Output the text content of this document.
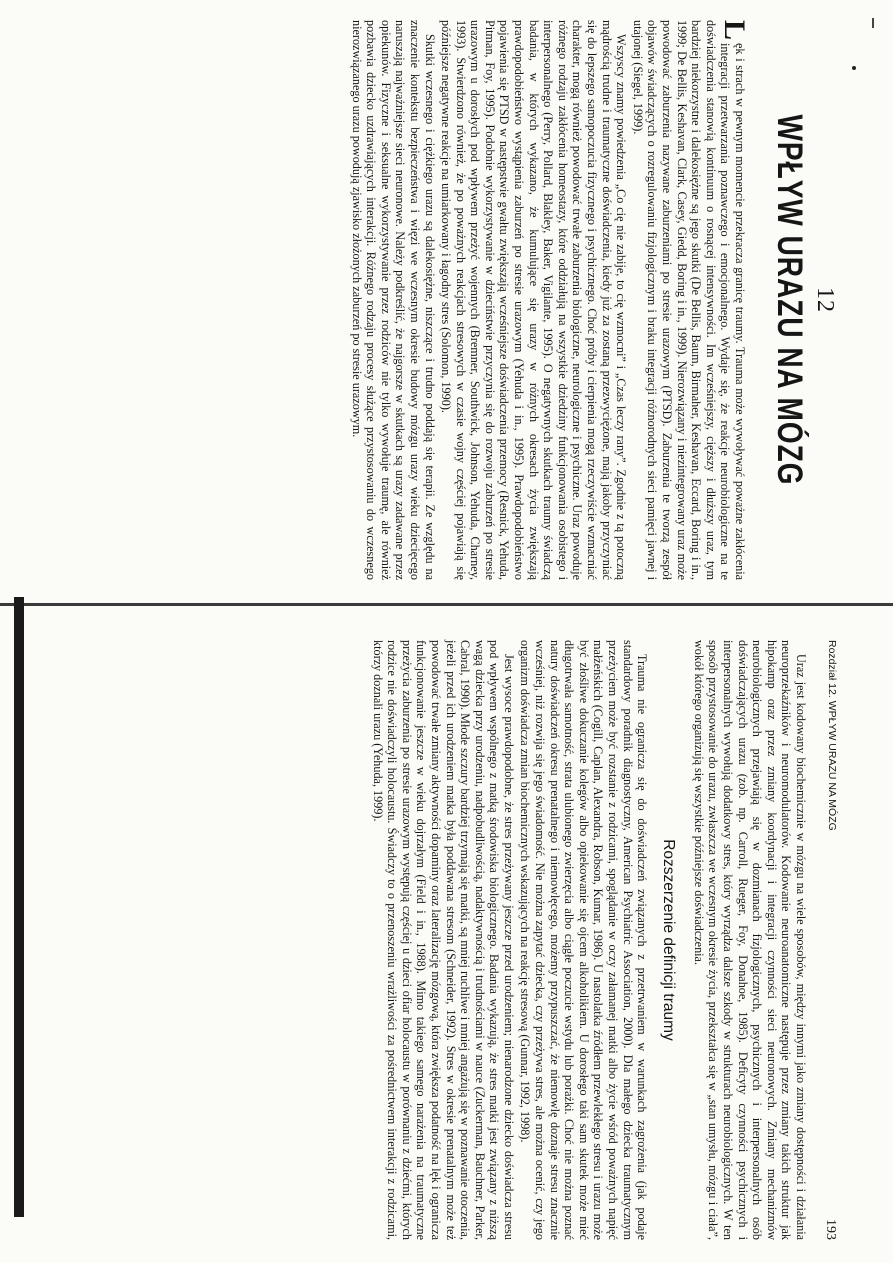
12
WPŁYW URAZU NA MÓZG

L
ęk i strach w pewnym momencie przekracza granicę traumy. Trauma może wywoływać poważne zakłócenia integracji przetwarzania poznawczego i emocjonalnego. Wydaje się, że reakcje neurobiologiczne na te doświadczenia stanowią kontinuum o rosnącej intensywności. Im wcześniejszy, cięższy i dłuższy uraz, tym bardziej niekorzystne i dalekosiężne są jego skutki (De Bellis, Baum, Birmaher, Keshavan, Eccard, Boring i in., 1999; De Bellis, Keshavan, Clark, Casey, Giedd, Boring i in., 1999). Nierozwiązany i niezintegrowany uraz może powodować zaburzenia nazywane zaburzeniami po stresie urazowym (PTSD). Zaburzenia te tworzą zespół objawów świadczących o rozregulowaniu fizjologicznym i braku integracji różnorodnych sieci pamięci jawnej i utajonej (Siegel, 1999).

Wszyscy znamy powiedzenia „Co cię nie zabije, to cię wzmocni” i „Czas leczy rany”. Zgodnie z tą potoczną mądrością trudne i traumatyczne doświadczenia, kiedy już za zostaną przezwyciężone, mają jakoby przyczyniać się do lepszego samopoczucia fizycznego i psychicznego. Choć próby i cierpienia mogą rzeczywiście wzmacniać charakter, mogą również powodować trwałe zaburzenia biologiczne, neurologiczne i psychiczne. Uraz powoduje różnego rodzaju zakłócenia homeostazy, które oddziałują na wszystkie dziedziny funkcjonowania osobistego i interpersonalnego (Perry, Pollard, Blakley, Baker, Vigilante, 1995). O negatywnych skutkach traumy świadczą badania, w których wykazano, że kumulujące się urazy w różnych okresach życia zwiększają prawdopodobieństwo wystąpienia zaburzeń po stresie urazowym (Yehuda i in., 1995). Prawdopodobieństwo pojawienia się PTSD w następstwie gwałtu zwiększają wcześniejsze doświadczenia przemocy (Resnick, Yehuda, Pitman, Foy, 1995). Podobnie wykorzystywanie w dzieciństwie przyczynia się do rozwoju zaburzeń po stresie urazowym u dorosłych pod wpływem przeżyć wojennych (Bremner, Southwick, Johnson, Yehuda, Charney, 1993). Stwierdzono również, że po poważnych reakcjach stresowych w czasie wojny częściej pojawiają się późniejsze negatywne reakcje na umiarkowany i łagodny stres (Solomon, 1990).

Skutki wczesnego i ciężkiego urazu są dalekosiężne, niszczące i trudno poddają się terapii. Ze względu na znaczenie kontekstu bezpieczeństwa i więzi we wczesnym okresie budowy mózgu urazy wieku dziecięcego naruszają najważniejsze sieci neuronowe. Należy podkreślić, że najgorsze w skutkach są urazy zadawane przez opiekunów. Fizyczne i seksualne wykorzystywanie przez rodziców nie tylko wywołuje traumę, ale również pozbawia dziecko uzdrawiających interakcji. Różnego rodzaju procesy służące przystosowaniu do wczesnego nierozwiązanego urazu powodują zjawisko złożonych zaburzeń po stresie urazowym.

Rozdział 12. WPŁYW URAZU NA MÓZG
193

Uraz jest kodowany biochemicznie w mózgu na wiele sposobów, między innymi jako zmiany dostępności i działania neuroprzekaźników i neuromodulatorów. Kodowanie neuroanatomiczne następuje przez zmiany takich struktur jak hipokamp oraz przez zmiany koordynacji i integracji czynności sieci neuronowych. Zmiany mechanizmów neurobiologicznych przejawiają się w dozmianach fizjologicznych, psychicznych i interpersonalnych osób doświadczających urazu (zob. np. Carroll, Rueger, Foy, Donahoe, 1985). Deficyty czynności psychicznych i interpersonalnych wywołują dodatkowy stres, który wyrządza dalsze szkody w strukturach neurobiologicznych. W ten sposób przystosowanie do urazu, zwłaszcza we wczesnym okresie życia, przekształca się w „stan umysłu, mózgu i ciała”, wokół którego organizują się wszystkie późniejsze doświadczenia.

Rozszerzenie definicji traumy

Trauma nie ogranicza się do doświadczeń związanych z przetrwaniem w warunkach zagrożenia (jak podaje standardowy poradnik diagnostyczny, American Psychiatric Association, 2000). Dla małego dziecka traumatycznym przeżyciem może być rozstanie z rodzicami, spoglądanie w oczy załamanej matki albo życie wśród poważnych napięć małżeńskich (Cogill, Caplan, Alexandra, Robson, Kumar, 1986). U nastolatka źródłem przewlekłego stresu i urazu może być złośliwe dokuczanie kolegów albo opiekowanie się ojcem alkoholikiem. U dorosłego taki sam skutek może mieć długotrwała samotność, strata ulubionego zwierzęcia albo ciągłe poczucie wstydu lub porażki. Choć nie można poznać natury doświadczeń okresu prenatalnego i niemowlęcego, możemy przypuszczać, że niemowlę doznaje stresu znacznie wcześniej, niż rozwija się jego świadomość. Nie można zapytać dziecka, czy przeżywa stres, ale można ocenić, czy jego organizm doświadcza zmian biochemicznych wskazujących na reakcję stresową (Gunnar, 1992, 1998).

Jest wysoce prawdopodobne, że stres przeżywany jeszcze przed urodzeniem; nienarodzone dziecko doświadcza stresu pod wpływem wspólnego z matką środowiska biologicznego. Badania wykazują, że stres matki jest związany z niższą wagą dziecka przy urodzeniu, nadpobudliwością, nadaktywnością i trudnościami w nauce (Zuckerman, Bauchner, Parker, Cabral, 1990). Młode szczury bardziej trzymają się matki, są mniej ruchliwe i mniej angażują się w poznawanie otoczenia, jeżeli przed ich urodzeniem matka była poddawana stresom (Schneider, 1992). Stres w okresie prenatalnym może też powodować trwałe zmiany aktywności dopaminy oraz lateralizację mózgową, która zwiększa podatność na lęk i ogranicza funkcjonowanie jeszcze w wieku dojrzałym (Field i in., 1988). Mimo takiego samego narażenia na traumatyczne przeżycia zaburzenia po stresie urazowym występują częściej u dzieci ofiar holocaustu w porównaniu z dziećmi, których rodzice nie doświadczyli holocaustu. Świadczy to o przenoszeniu wrażliwości za pośrednictwem interakcji z rodzicami, którzy doznali urazu (Yehuda, 1999).
